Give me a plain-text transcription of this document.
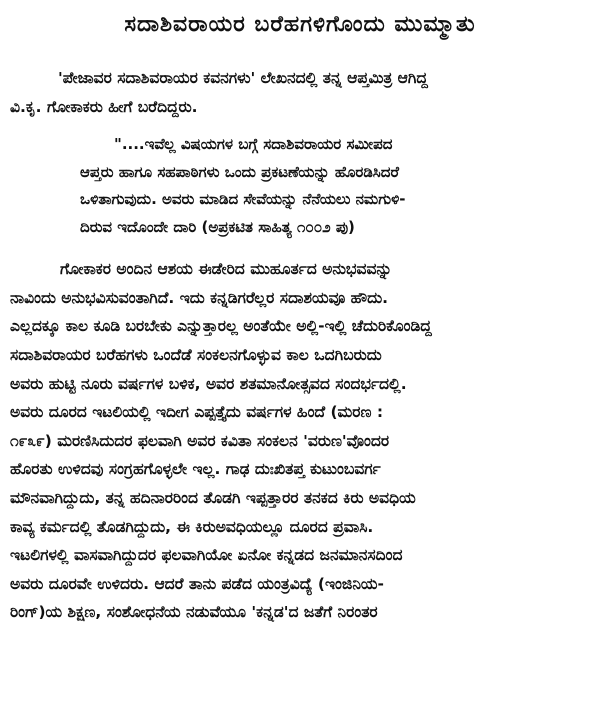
ಸದಾಶಿವರಾಯರ ಬರೆಹಗಳಿಗೊಂದು ಮುಮ್ಮಾತು
'ಪೇಜಾವರ ಸದಾಶಿವರಾಯರ ಕವನಗಳು' ಲೇಖನದಲ್ಲಿ ತನ್ನ ಆಪ್ತಮಿತ್ರ ಆಗಿದ್ದ
ವಿ.ಕೃ. ಗೋಕಾಕರು ಹೀಗೆ ಬರೆದಿದ್ದರು.
"....ಇವೆಲ್ಲ ವಿಷಯಗಳ ಬಗ್ಗೆ ಸದಾಶಿವರಾಯರ ಸಮೀಪದ
ಆಪ್ತರು ಹಾಗೂ ಸಹಪಾಠಿಗಳು ಒಂದು ಪ್ರಕಟಣೆಯನ್ನು ಹೊರಡಿಸಿದರೆ
ಒಳಿತಾಗುವುದು. ಅವರು ಮಾಡಿದ ಸೇವೆಯನ್ನು ನೆನೆಯಲು ನಮಗುಳಿ-
ದಿರುವ ಇದೊಂದೇ ದಾರಿ (ಅಪ್ರಕಟಿತ ಸಾಹಿತ್ಯ ೧೦೦೨ ಪು)
ಗೋಕಾಕರ ಅಂದಿನ ಆಶಯ ಈಡೇರಿದ ಮುಹೂರ್ತದ ಅನುಭವವನ್ನು
ನಾವಿಂದು ಅನುಭವಿಸುವಂತಾಗಿದೆ. ಇದು ಕನ್ನಡಿಗರೆಲ್ಲರ ಸದಾಶಯವೂ ಹೌದು.
ಎಲ್ಲದಕ್ಕೂ ಕಾಲ ಕೂಡಿ ಬರಬೇಕು ಎನ್ನುತ್ತಾರಲ್ಲ ಅಂತೆಯೇ ಅಲ್ಲಿ-ಇಲ್ಲಿ ಚೆದುರಿಕೊಂಡಿದ್ದ
ಸದಾಶಿವರಾಯರ ಬರೆಹಗಳು ಒಂದೆಡೆ ಸಂಕಲನಗೊಳ್ಳುವ ಕಾಲ ಒದಗಿಬರುದು
ಅವರು ಹುಟ್ಟಿ ನೂರು ವರ್ಷಗಳ ಬಳಿಕ, ಅವರ ಶತಮಾನೋತ್ಸವದ ಸಂದರ್ಭದಲ್ಲಿ.
ಅವರು ದೂರದ ಇಟಲಿಯಲ್ಲಿ ಇದೀಗ ಎಪ್ಪತ್ತೈದು ವರ್ಷಗಳ ಹಿಂದೆ (ಮರಣ :
೧೯೩೯) ಮರಣಿಸಿದುದರ ಫಲವಾಗಿ ಅವರ ಕವಿತಾ ಸಂಕಲನ 'ವರುಣ'ವೊಂದರ
ಹೊರತು ಉಳಿದವು ಸಂಗ್ರಹಗೊಳ್ಳಲೇ ಇಲ್ಲ. ಗಾಢ ದುಃಖಿತಪ್ತ ಕುಟುಂಬವರ್ಗ
ಮೌನವಾಗಿದ್ದುದು, ತನ್ನ ಹದಿನಾರರಿಂದ ತೊಡಗಿ ಇಪ್ಪತ್ತಾರರ ತನಕದ ಕಿರು ಅವಧಿಯ
ಕಾವ್ಯ ಕರ್ಮದಲ್ಲಿ ತೊಡಗಿದ್ದುದು, ಈ ಕಿರುಅವಧಿಯಲ್ಲೂ ದೂರದ ಪ್ರವಾಸಿ.
ಇಟಲಿಗಳಲ್ಲಿ ವಾಸವಾಗಿದ್ದುದರ ಫಲವಾಗಿಯೋ ಏನೋ ಕನ್ನಡದ ಜನಮಾನಸದಿಂದ
ಅವರು ದೂರವೇ ಉಳಿದರು. ಆದರೆ ತಾನು ಪಡೆದ ಯಂತ್ರವಿದ್ಯೆ (ಇಂಜಿನಿಯ-
ರಿಂಗ್)ಯ ಶಿಕ್ಷಣ, ಸಂಶೋಧನೆಯ ನಡುವೆಯೂ 'ಕನ್ನಡ'ದ ಜತೆಗೆ ನಿರಂತರ
